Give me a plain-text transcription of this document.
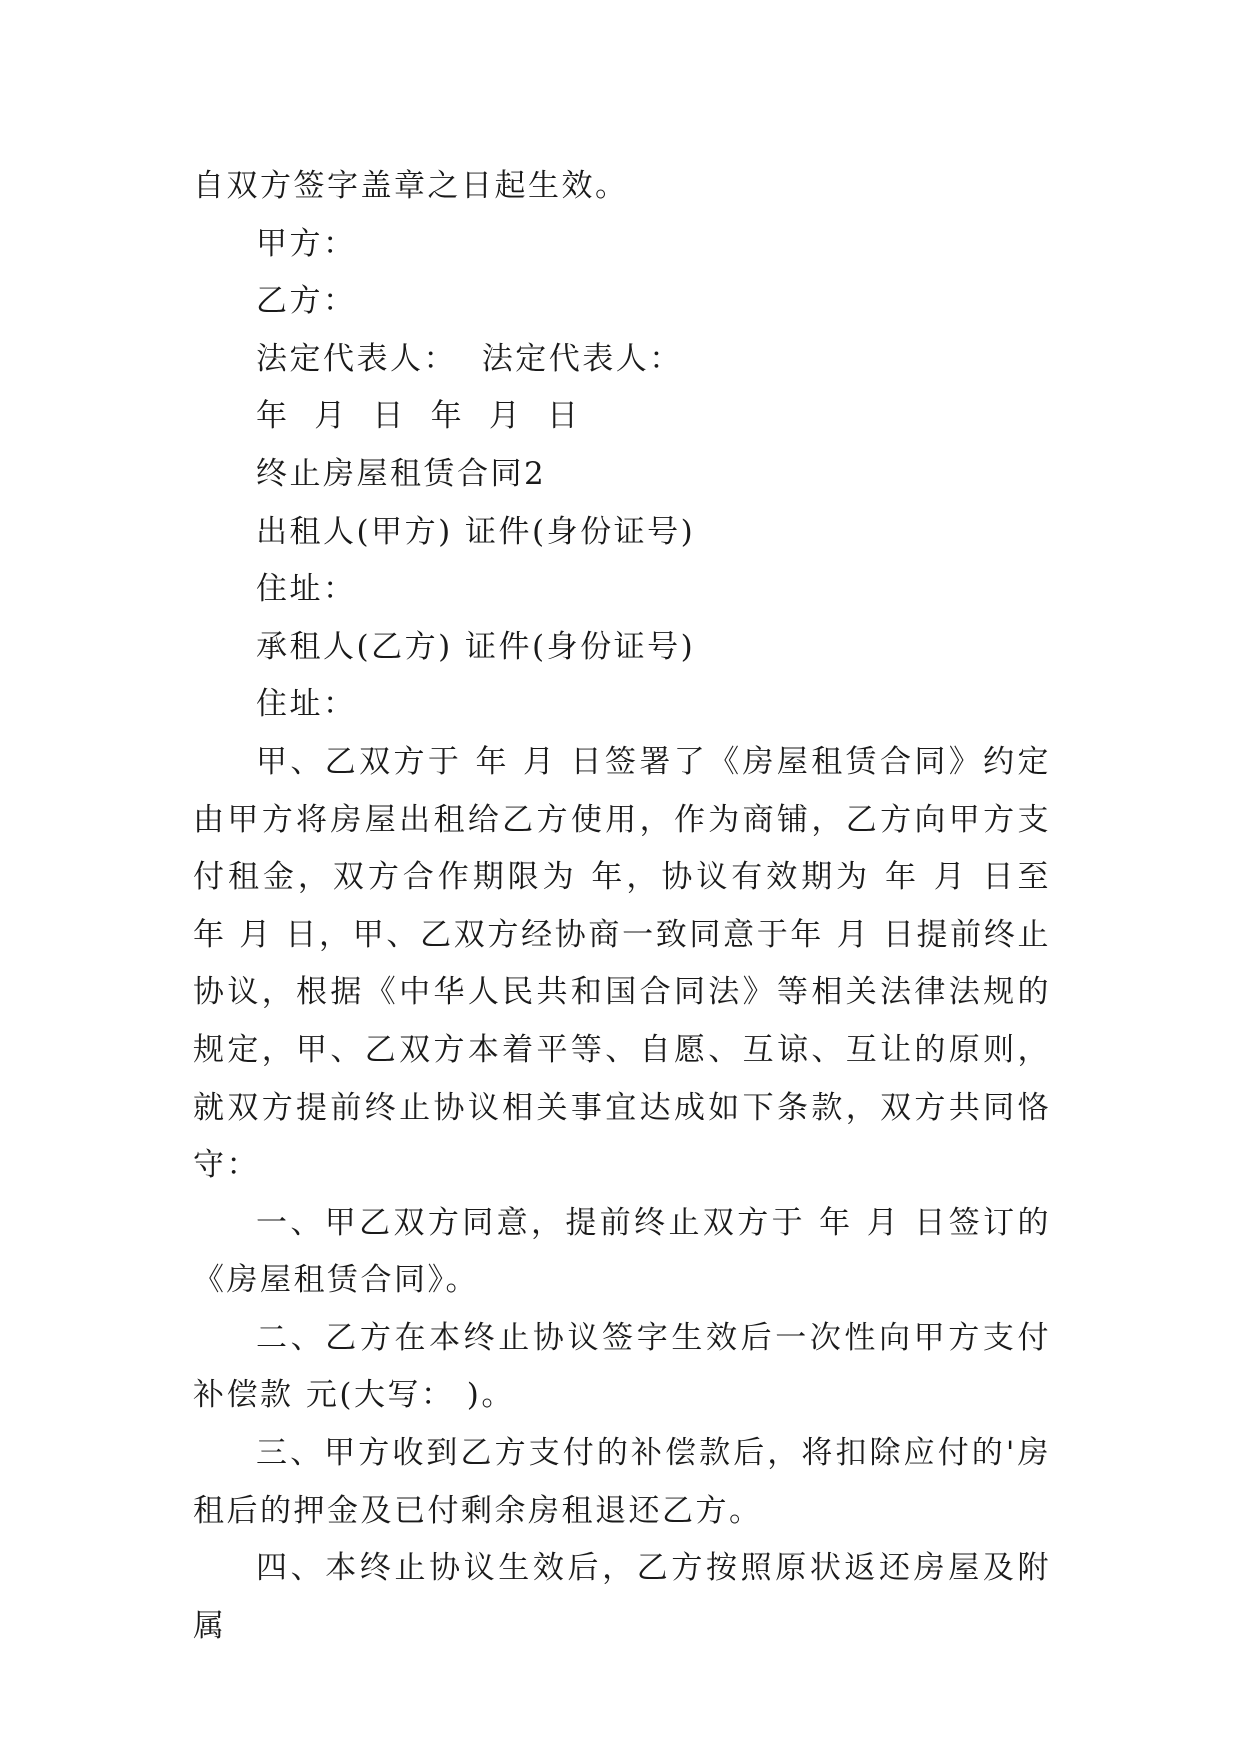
自双方签字盖章之日起生效。

甲方：

乙方：

法定代表人：  法定代表人：

年  月  日  年  月  日

终止房屋租赁合同2

出租人(甲方) 证件(身份证号)

住址：

承租人(乙方) 证件(身份证号)

住址：

甲、乙双方于 年 月 日签署了《房屋租赁合同》约定由甲方将房屋出租给乙方使用，作为商铺，乙方向甲方支付租金，双方合作期限为 年，协议有效期为 年 月 日至 年 月 日，甲、乙双方经协商一致同意于年 月 日提前终止协议，根据《中华人民共和国合同法》等相关法律法规的规定，甲、乙双方本着平等、自愿、互谅、互让的原则，就双方提前终止协议相关事宜达成如下条款，双方共同恪守：

一、甲乙双方同意，提前终止双方于 年 月 日签订的《房屋租赁合同》。

二、乙方在本终止协议签字生效后一次性向甲方支付补偿款 元(大写： )。

三、甲方收到乙方支付的补偿款后，将扣除应付的'房租后的押金及已付剩余房租退还乙方。

四、本终止协议生效后，乙方按照原状返还房屋及附属
